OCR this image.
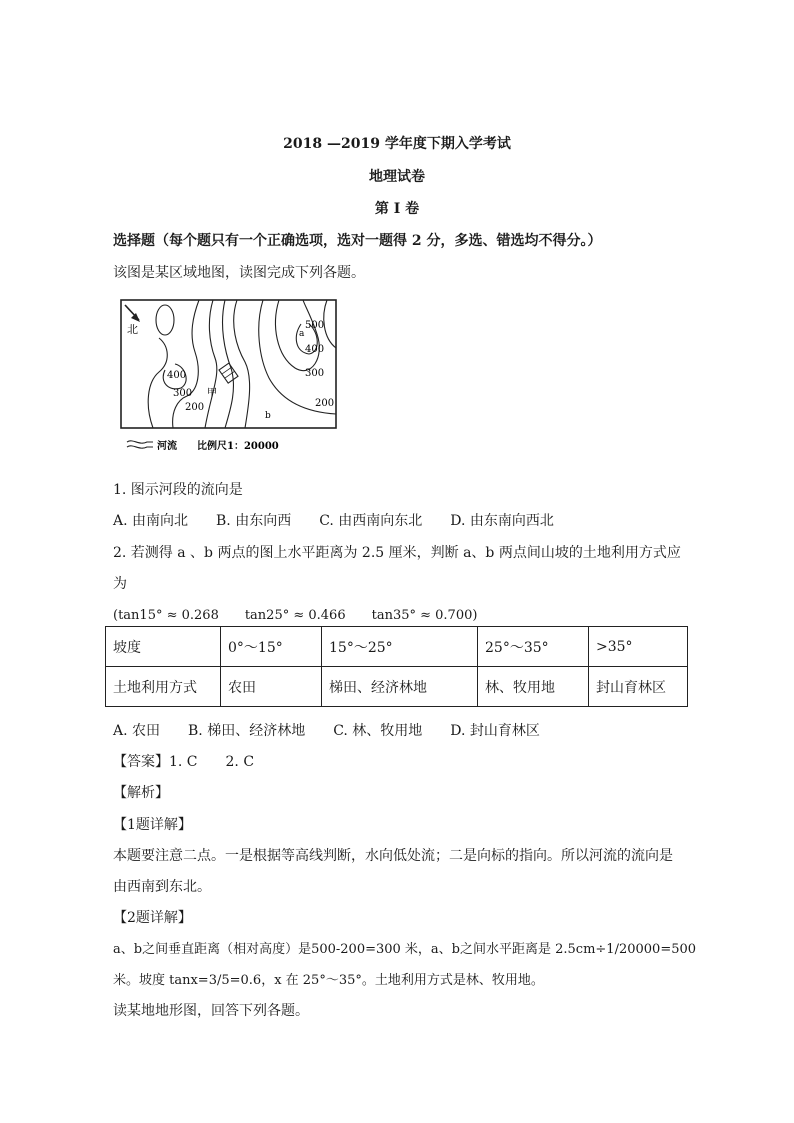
2018 —2019 学年度下期入学考试
地理试卷
第 I 卷
选择题（每个题只有一个正确选项，选对一题得 2 分，多选、错选均不得分。）
该图是某区域地图，读图完成下列各题。
北	500
400
300
200
400
300
200
a
b
甲
河流 比例尺1：20000
1. 图示河段的流向是
A. 由南向北　　B. 由东向西　　C. 由西南向东北　　D. 由东南向西北
2. 若测得 a 、b 两点的图上水平距离为 2.5 厘米，判断 a、b 两点间山坡的土地利用方式应
为
(tan15° ≈ 0.268　　tan25° ≈ 0.466　　tan35° ≈ 0.700)
坡度	0°～15°	15°～25°	25°～35°	>35°
土地利用方式	农田	梯田、经济林地	林、牧用地	封山育林区
A. 农田　　B. 梯田、经济林地　　C. 林、牧用地　　D. 封山育林区
【答案】1. C　　2. C
【解析】
【1题详解】
本题要注意二点。一是根据等高线判断，水向低处流；二是向标的指向。所以河流的流向是
由西南到东北。
【2题详解】
a、b之间垂直距离（相对高度）是500-200=300 米，a、b之间水平距离是 2.5cm÷1/20000=500
米。坡度 tanx=3/5=0.6，x 在 25°～35°。土地利用方式是林、牧用地。
读某地地形图，回答下列各题。
